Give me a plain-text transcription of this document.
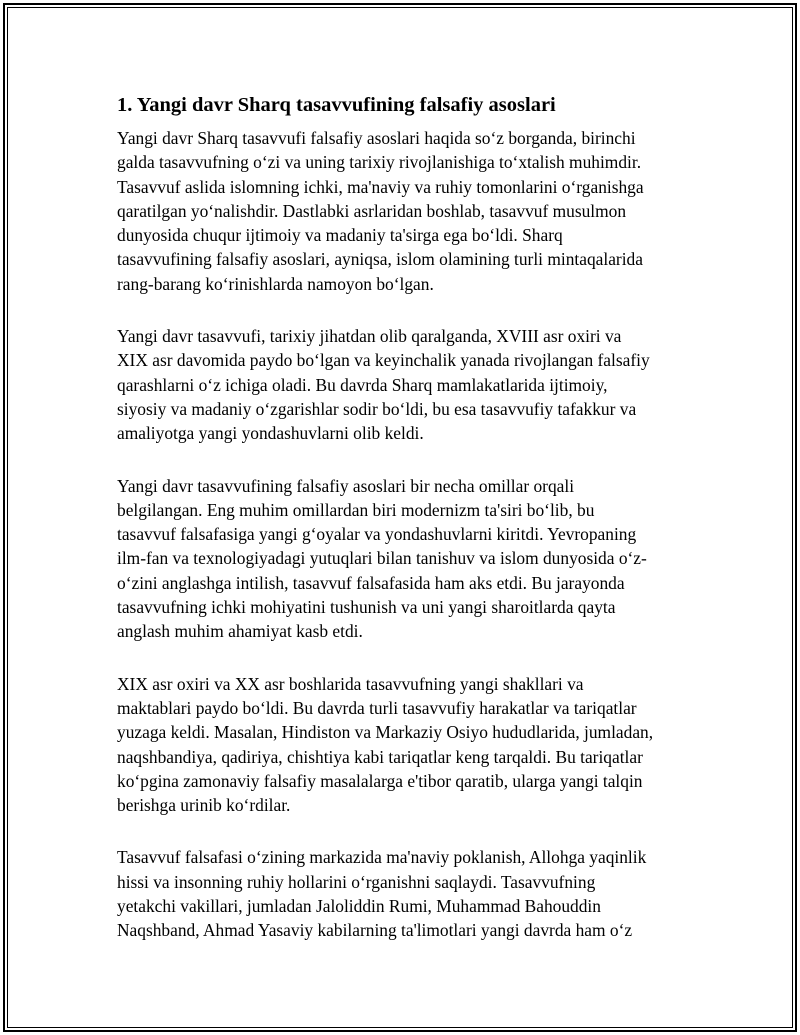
1. Yangi davr Sharq tasavvufining falsafiy asoslari

Yangi davr Sharq tasavvufi falsafiy asoslari haqida so‘z borganda, birinchi
galda tasavvufning o‘zi va uning tarixiy rivojlanishiga to‘xtalish muhimdir.
Tasavvuf aslida islomning ichki, ma'naviy va ruhiy tomonlarini o‘rganishga
qaratilgan yo‘nalishdir. Dastlabki asrlaridan boshlab, tasavvuf musulmon
dunyosida chuqur ijtimoiy va madaniy ta'sirga ega bo‘ldi. Sharq
tasavvufining falsafiy asoslari, ayniqsa, islom olamining turli mintaqalarida
rang-barang ko‘rinishlarda namoyon bo‘lgan.

Yangi davr tasavvufi, tarixiy jihatdan olib qaralganda, XVIII asr oxiri va
XIX asr davomida paydo bo‘lgan va keyinchalik yanada rivojlangan falsafiy
qarashlarni o‘z ichiga oladi. Bu davrda Sharq mamlakatlarida ijtimoiy,
siyosiy va madaniy o‘zgarishlar sodir bo‘ldi, bu esa tasavvufiy tafakkur va
amaliyotga yangi yondashuvlarni olib keldi.

Yangi davr tasavvufining falsafiy asoslari bir necha omillar orqali
belgilangan. Eng muhim omillardan biri modernizm ta'siri bo‘lib, bu
tasavvuf falsafasiga yangi g‘oyalar va yondashuvlarni kiritdi. Yevropaning
ilm-fan va texnologiyadagi yutuqlari bilan tanishuv va islom dunyosida o‘z-
o‘zini anglashga intilish, tasavvuf falsafasida ham aks etdi. Bu jarayonda
tasavvufning ichki mohiyatini tushunish va uni yangi sharoitlarda qayta
anglash muhim ahamiyat kasb etdi.

XIX asr oxiri va XX asr boshlarida tasavvufning yangi shakllari va
maktablari paydo bo‘ldi. Bu davrda turli tasavvufiy harakatlar va tariqatlar
yuzaga keldi. Masalan, Hindiston va Markaziy Osiyo hududlarida, jumladan,
naqshbandiya, qadiriya, chishtiya kabi tariqatlar keng tarqaldi. Bu tariqatlar
ko‘pgina zamonaviy falsafiy masalalarga e'tibor qaratib, ularga yangi talqin
berishga urinib ko‘rdilar.

Tasavvuf falsafasi o‘zining markazida ma'naviy poklanish, Allohga yaqinlik
hissi va insonning ruhiy hollarini o‘rganishni saqlaydi. Tasavvufning
yetakchi vakillari, jumladan Jaloliddin Rumi, Muhammad Bahouddin
Naqshband, Ahmad Yasaviy kabilarning ta'limotlari yangi davrda ham o‘z
